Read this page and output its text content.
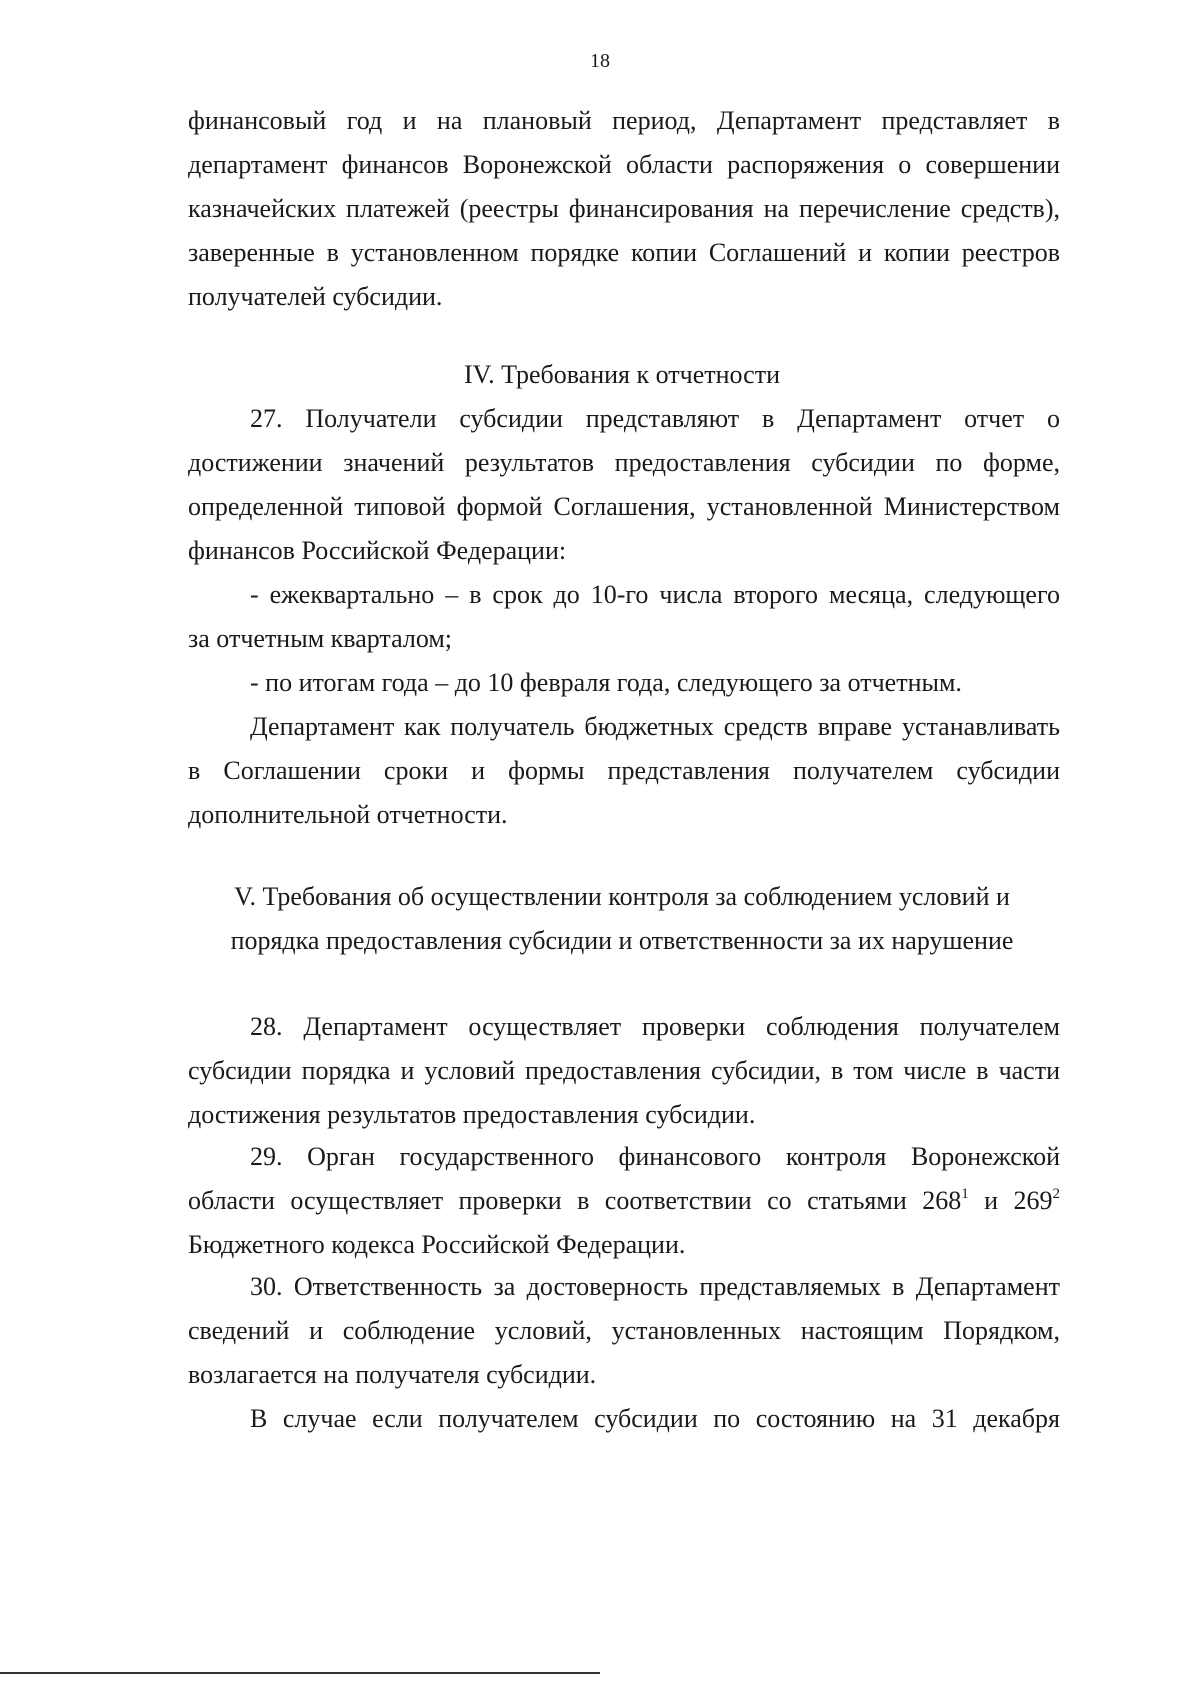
18
финансовый год и на плановый период, Департамент представляет в
департамент финансов Воронежской области распоряжения о совершении
казначейских платежей (реестры финансирования на перечисление средств),
заверенные в установленном порядке копии Соглашений и копии реестров
получателей субсидии.
IV. Требования к отчетности
27. Получатели субсидии представляют в Департамент отчет о
достижении значений результатов предоставления субсидии по форме,
определенной типовой формой Соглашения, установленной Министерством
финансов Российской Федерации:
- ежеквартально – в срок до 10-го числа второго месяца, следующего
за отчетным кварталом;
- по итогам года – до 10 февраля года, следующего за отчетным.
Департамент как получатель бюджетных средств вправе устанавливать
в Соглашении сроки и формы представления получателем субсидии
дополнительной отчетности.
V. Требования об осуществлении контроля за соблюдением условий и
порядка предоставления субсидии и ответственности за их нарушение
28. Департамент осуществляет проверки соблюдения получателем
субсидии порядка и условий предоставления субсидии, в том числе в части
достижения результатов предоставления субсидии.
29. Орган государственного финансового контроля Воронежской
области осуществляет проверки в соответствии со статьями $268^1$ и $269^2$
Бюджетного кодекса Российской Федерации.
30. Ответственность за достоверность представляемых в Департамент
сведений и соблюдение условий, установленных настоящим Порядком,
возлагается на получателя субсидии.
В случае если получателем субсидии по состоянию на 31 декабря
